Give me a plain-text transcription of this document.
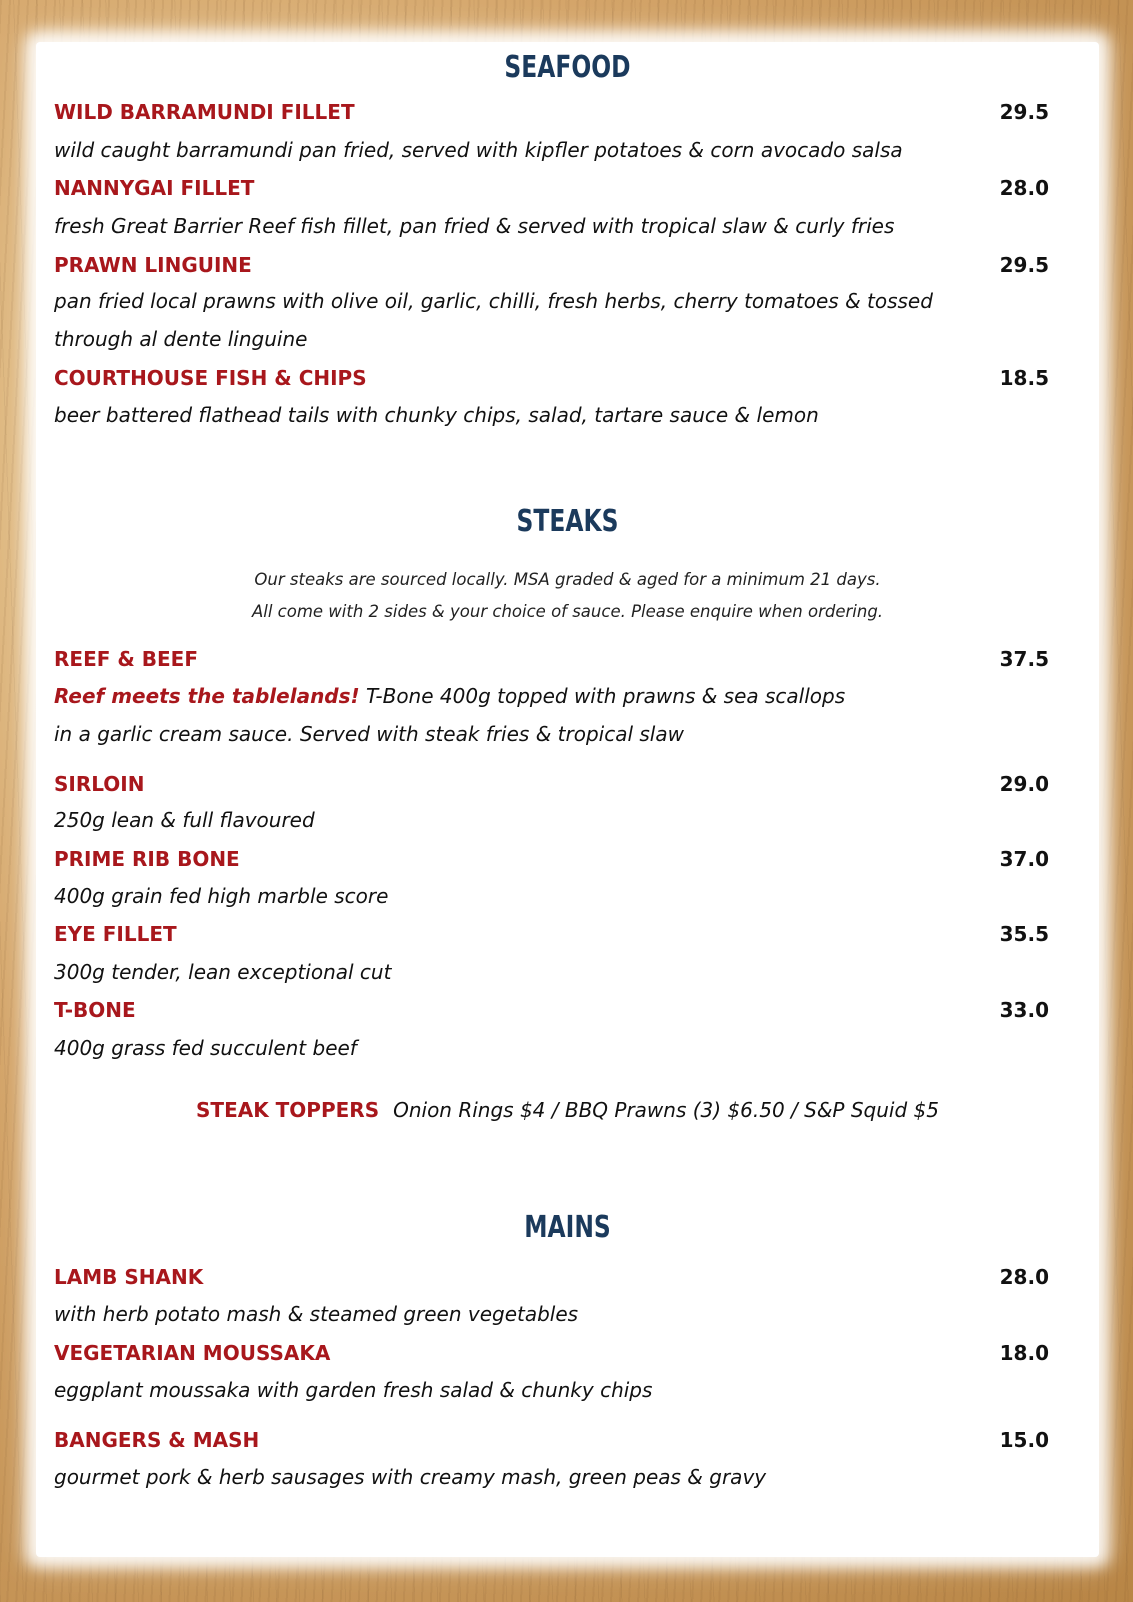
SEAFOOD
WILD BARRAMUNDI FILLET	29.5
wild caught barramundi pan fried, served with kipfler potatoes & corn avocado salsa
NANNYGAI FILLET	28.0
fresh Great Barrier Reef fish fillet, pan fried & served with tropical slaw & curly fries
PRAWN LINGUINE	29.5
pan fried local prawns with olive oil, garlic, chilli, fresh herbs, cherry tomatoes & tossed
through al dente linguine
COURTHOUSE FISH & CHIPS	18.5
beer battered flathead tails with chunky chips, salad, tartare sauce & lemon
STEAKS
Our steaks are sourced locally. MSA graded & aged for a minimum 21 days.
All come with 2 sides & your choice of sauce. Please enquire when ordering.
REEF & BEEF	37.5
Reef meets the tablelands! T-Bone 400g topped with prawns & sea scallops
in a garlic cream sauce. Served with steak fries & tropical slaw
SIRLOIN	29.0
250g lean & full flavoured
PRIME RIB BONE	37.0
400g grain fed high marble score
EYE FILLET	35.5
300g tender, lean exceptional cut
T-BONE	33.0
400g grass fed succulent beef
STEAK TOPPERS Onion Rings $4 / BBQ Prawns (3) $6.50 / S&P Squid $5
MAINS
LAMB SHANK	28.0
with herb potato mash & steamed green vegetables
VEGETARIAN MOUSSAKA	18.0
eggplant moussaka with garden fresh salad & chunky chips
BANGERS & MASH	15.0
gourmet pork & herb sausages with creamy mash, green peas & gravy
